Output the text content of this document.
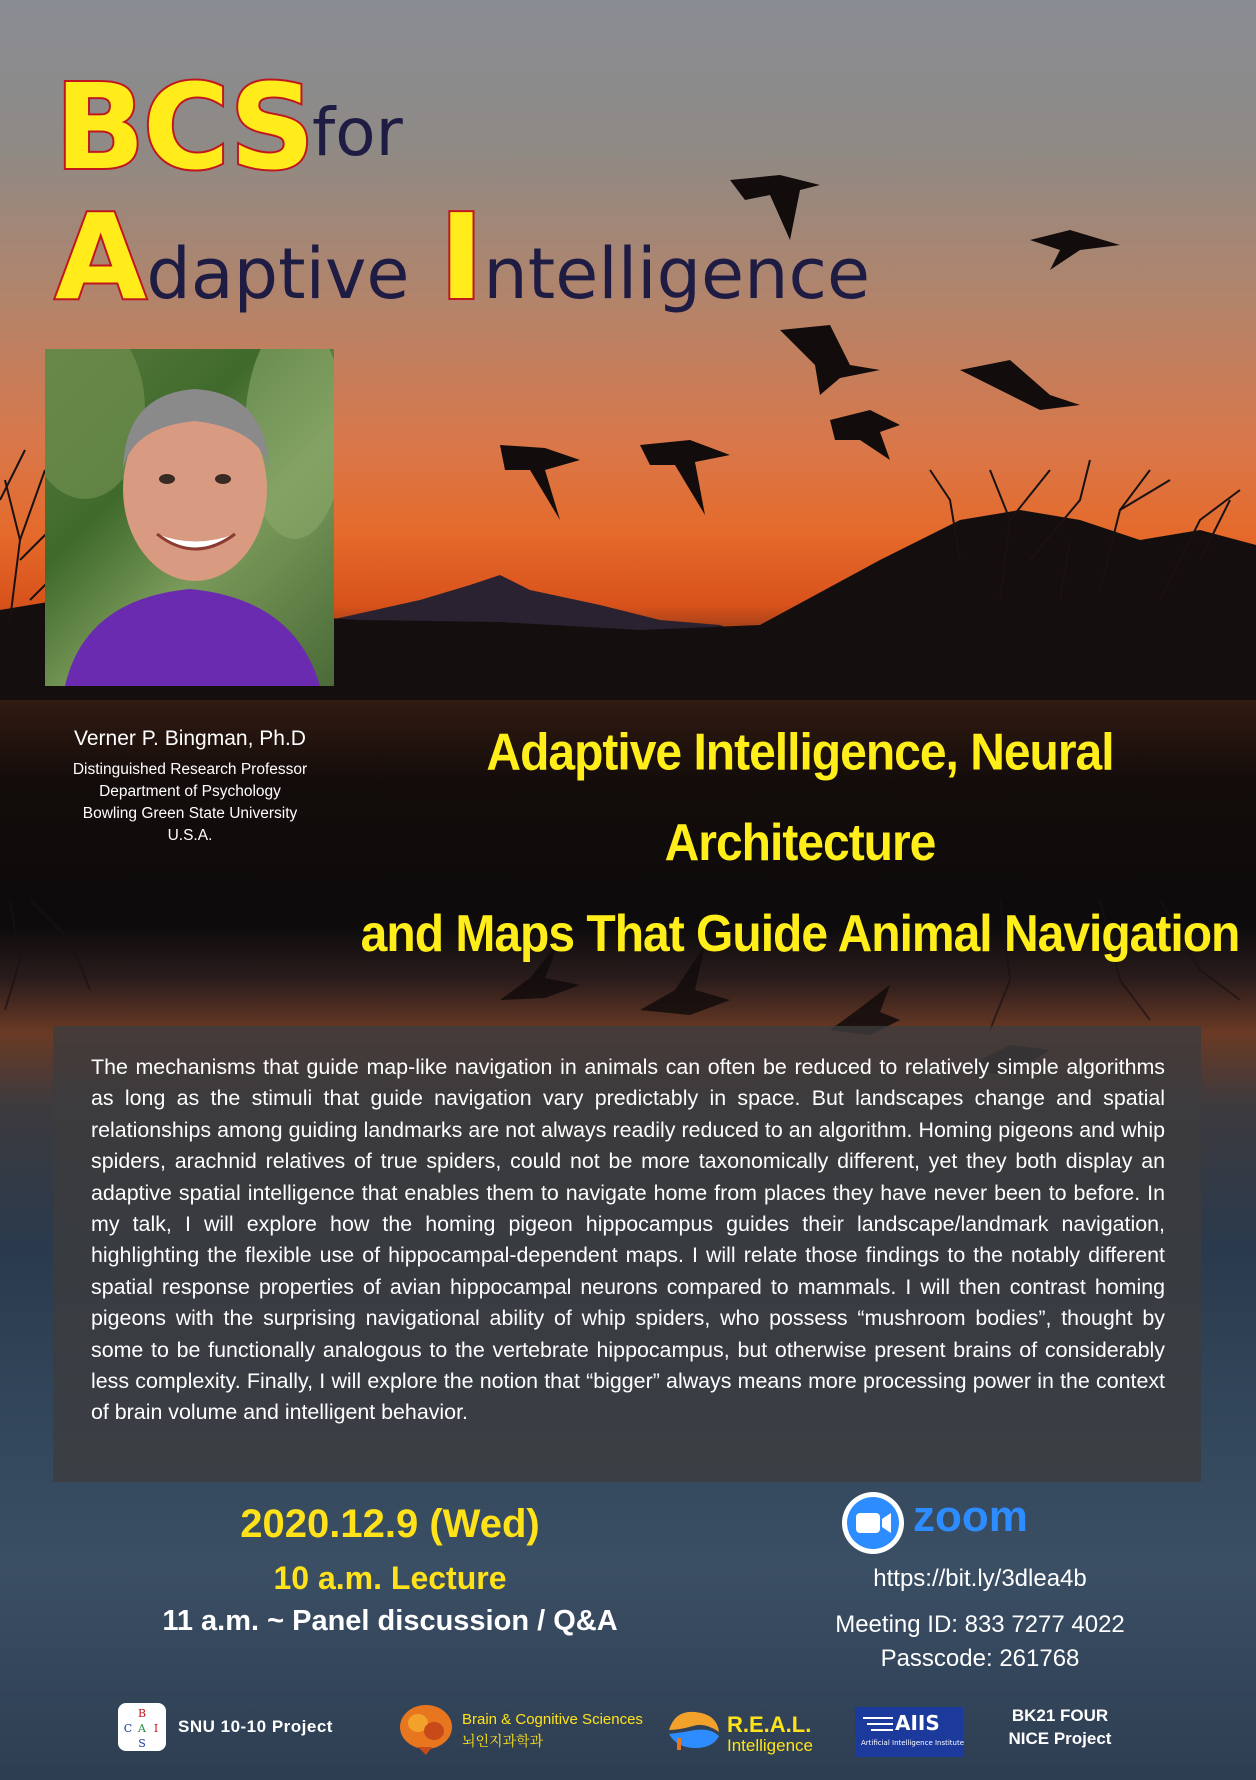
BCS for
Adaptive Intelligence
Verner P. Bingman, Ph.D
Distinguished Research Professor
Department of Psychology
Bowling Green State University
U.S.A.
Adaptive Intelligence, Neural Architecture
and Maps That Guide Animal Navigation
The mechanisms that guide map-like navigation in animals can often be reduced to relatively simple algorithms as long as the stimuli that guide navigation vary predictably in space. But landscapes change and spatial relationships among guiding landmarks are not always readily reduced to an algorithm. Homing pigeons and whip spiders, arachnid relatives of true spiders, could not be more taxonomically different, yet they both display an adaptive spatial intelligence that enables them to navigate home from places they have never been to before. In my talk, I will explore how the homing pigeon hippocampus guides their landscape/landmark navigation, highlighting the flexible use of hippocampal-dependent maps. I will relate those findings to the notably different spatial response properties of avian hippocampal neurons compared to mammals. I will then contrast homing pigeons with the surprising navigational ability of whip spiders, who possess “mushroom bodies”, thought by some to be functionally analogous to the vertebrate hippocampus, but otherwise present brains of considerably less complexity. Finally, I will explore the notion that “bigger” always means more processing power in the context of brain volume and intelligent behavior.
2020.12.9 (Wed)
10 a.m. Lecture
11 a.m. ~ Panel discussion / Q&A
zoom
https://bit.ly/3dlea4b
Meeting ID: 833 7277 4022
Passcode: 261768
B
C A I
S
SNU 10-10 Project	Brain & Cognitive Sciences
뇌인지과학과
R.E.A.L.
Intelligence
AIIS
Artificial Intelligence Institute
BK21 FOUR
NICE Project
